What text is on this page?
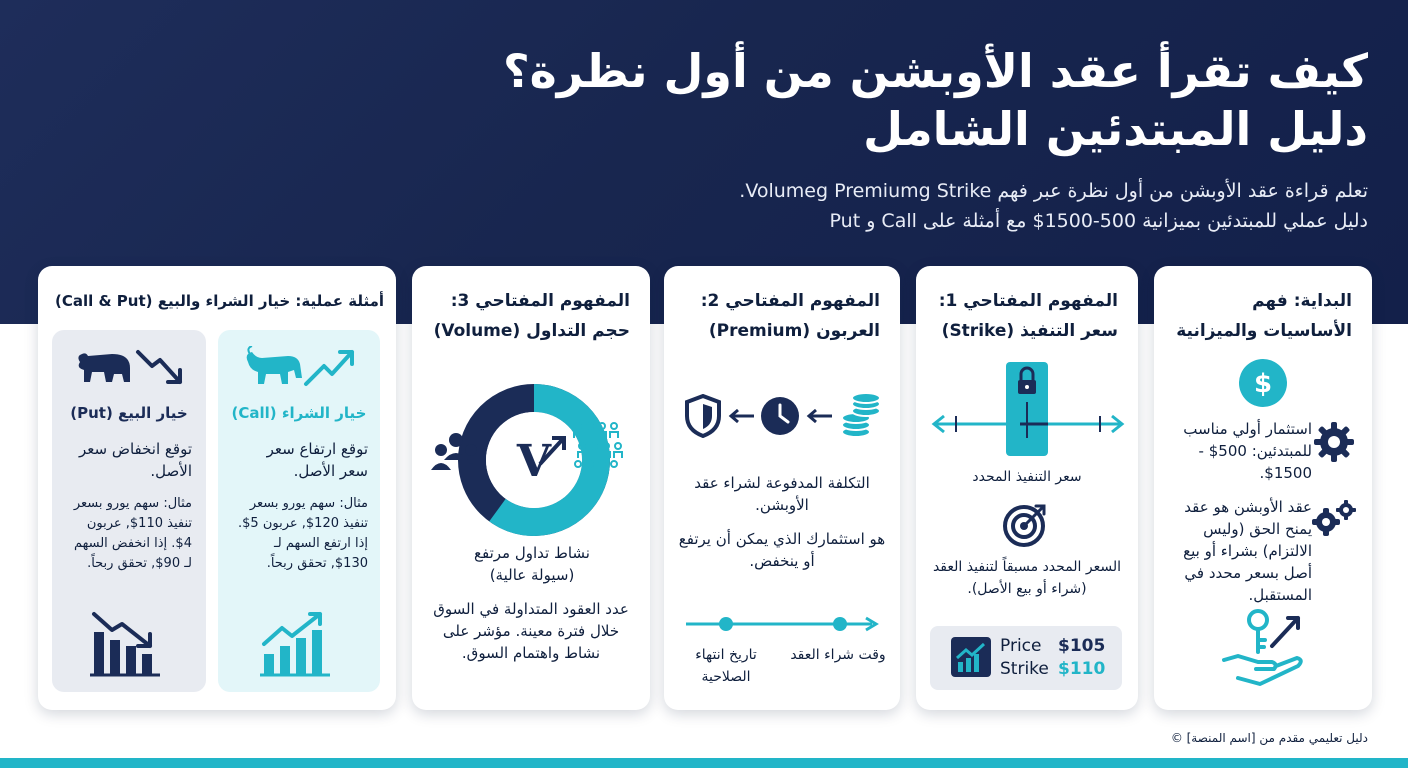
كيف تقرأ عقد الأوبشن من أول نظرة؟
دليل المبتدئين الشامل
تعلم قراءة عقد الأوبشن من أول نظرة عبر فهم Volumeg Premiumg Strike.
دليل عملي للمبتدئين بميزانية 500-1500$ مع أمثلة على Call و Put
البداية: فهم الأساسيات والميزانية
$
استثمار أولي مناسب للمبتدئين: 500$ - 1500$.
عقد الأوبشن هو عقد يمنح الحق (وليس الالتزام) بشراء أو بيع أصل بسعر محدد في المستقبل.
المفهوم المفتاحي 1:
سعر التنفيذ (Strike)
سعر التنفيذ المحدد
السعر المحدد مسبقاً لتنفيذ العقد (شراء أو بيع الأصل).
Price $105
Strike $110
المفهوم المفتاحي 2:
العربون (Premium)
التكلفة المدفوعة لشراء عقد الأوبشن.
هو استثمارك الذي يمكن أن يرتفع أو ينخفض.
وقت شراء العقد
تاريخ انتهاء الصلاحية
المفهوم المفتاحي 3:
حجم التداول (Volume)
V
نشاط تداول مرتفع (سيولة عالية)
عدد العقود المتداولة في السوق خلال فترة معينة. مؤشر على نشاط واهتمام السوق.
أمثلة عملية: خيار الشراء والبيع (Call & Put)
خيار الشراء (Call)
توقع ارتفاع سعر سعر الأصل.
مثال: سهم يورو بسعر تنفيذ 120$, عربون 5$. إذا ارتفع السهم لـ 130$, تحقق ربحاً.
خيار البيع (Put)
توقع انخفاض سعر الأصل.
مثال: سهم يورو بسعر تنفيذ 110$, عربون 4$. إذا انخفض السهم لـ 90$, تحقق ربحاً.
دليل تعليمي مقدم من [اسم المنصة] ©
